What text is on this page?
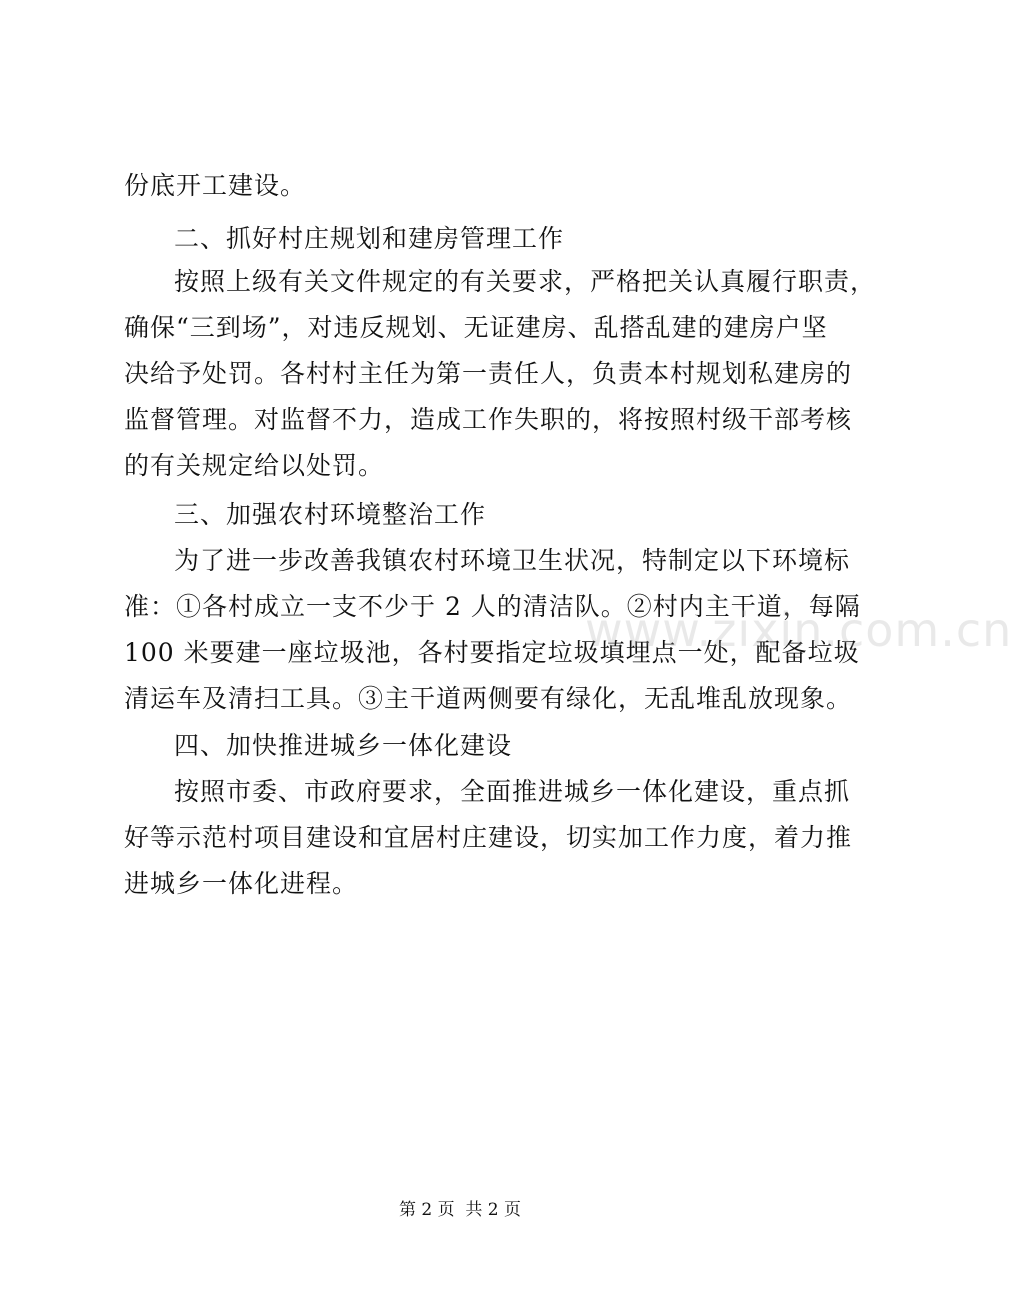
份底开工建设。
二、抓好村庄规划和建房管理工作
按照上级有关文件规定的有关要求，严格把关认真履行职责，
确保“三到场”，对违反规划、无证建房、乱搭乱建的建房户坚
决给予处罚。各村村主任为第一责任人，负责本村规划私建房的
监督管理。对监督不力，造成工作失职的，将按照村级干部考核
的有关规定给以处罚。
三、加强农村环境整治工作
为了进一步改善我镇农村环境卫生状况，特制定以下环境标
准：①各村成立一支不少于 2 人的清洁队。②村内主干道，每隔
100 米要建一座垃圾池，各村要指定垃圾填埋点一处，配备垃圾
清运车及清扫工具。③主干道两侧要有绿化，无乱堆乱放现象。
四、加快推进城乡一体化建设
按照市委、市政府要求，全面推进城乡一体化建设，重点抓
好等示范村项目建设和宜居村庄建设，切实加工作力度，着力推
进城乡一体化进程。
www.zixin.com.cn
第 2 页  共 2 页
